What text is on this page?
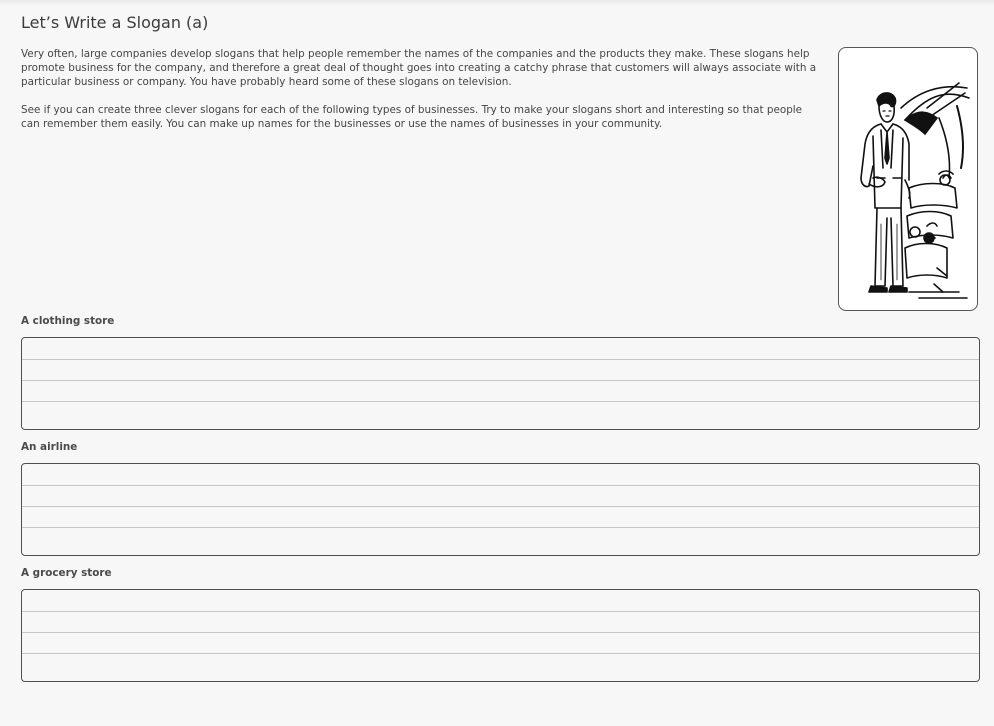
Let’s Write a Slogan (a)

Very often, large companies develop slogans that help people remember the names of the companies and the products they make. These slogans help promote business for the company, and therefore a great deal of thought goes into creating a catchy phrase that customers will always associate with a particular business or company. You have probably heard some of these slogans on television.

See if you can create three clever slogans for each of the following types of businesses. Try to make your slogans short and interesting so that people can remember them easily. You can make up names for the businesses or use the names of businesses in your community.

A clothing store
An airline
A grocery store
